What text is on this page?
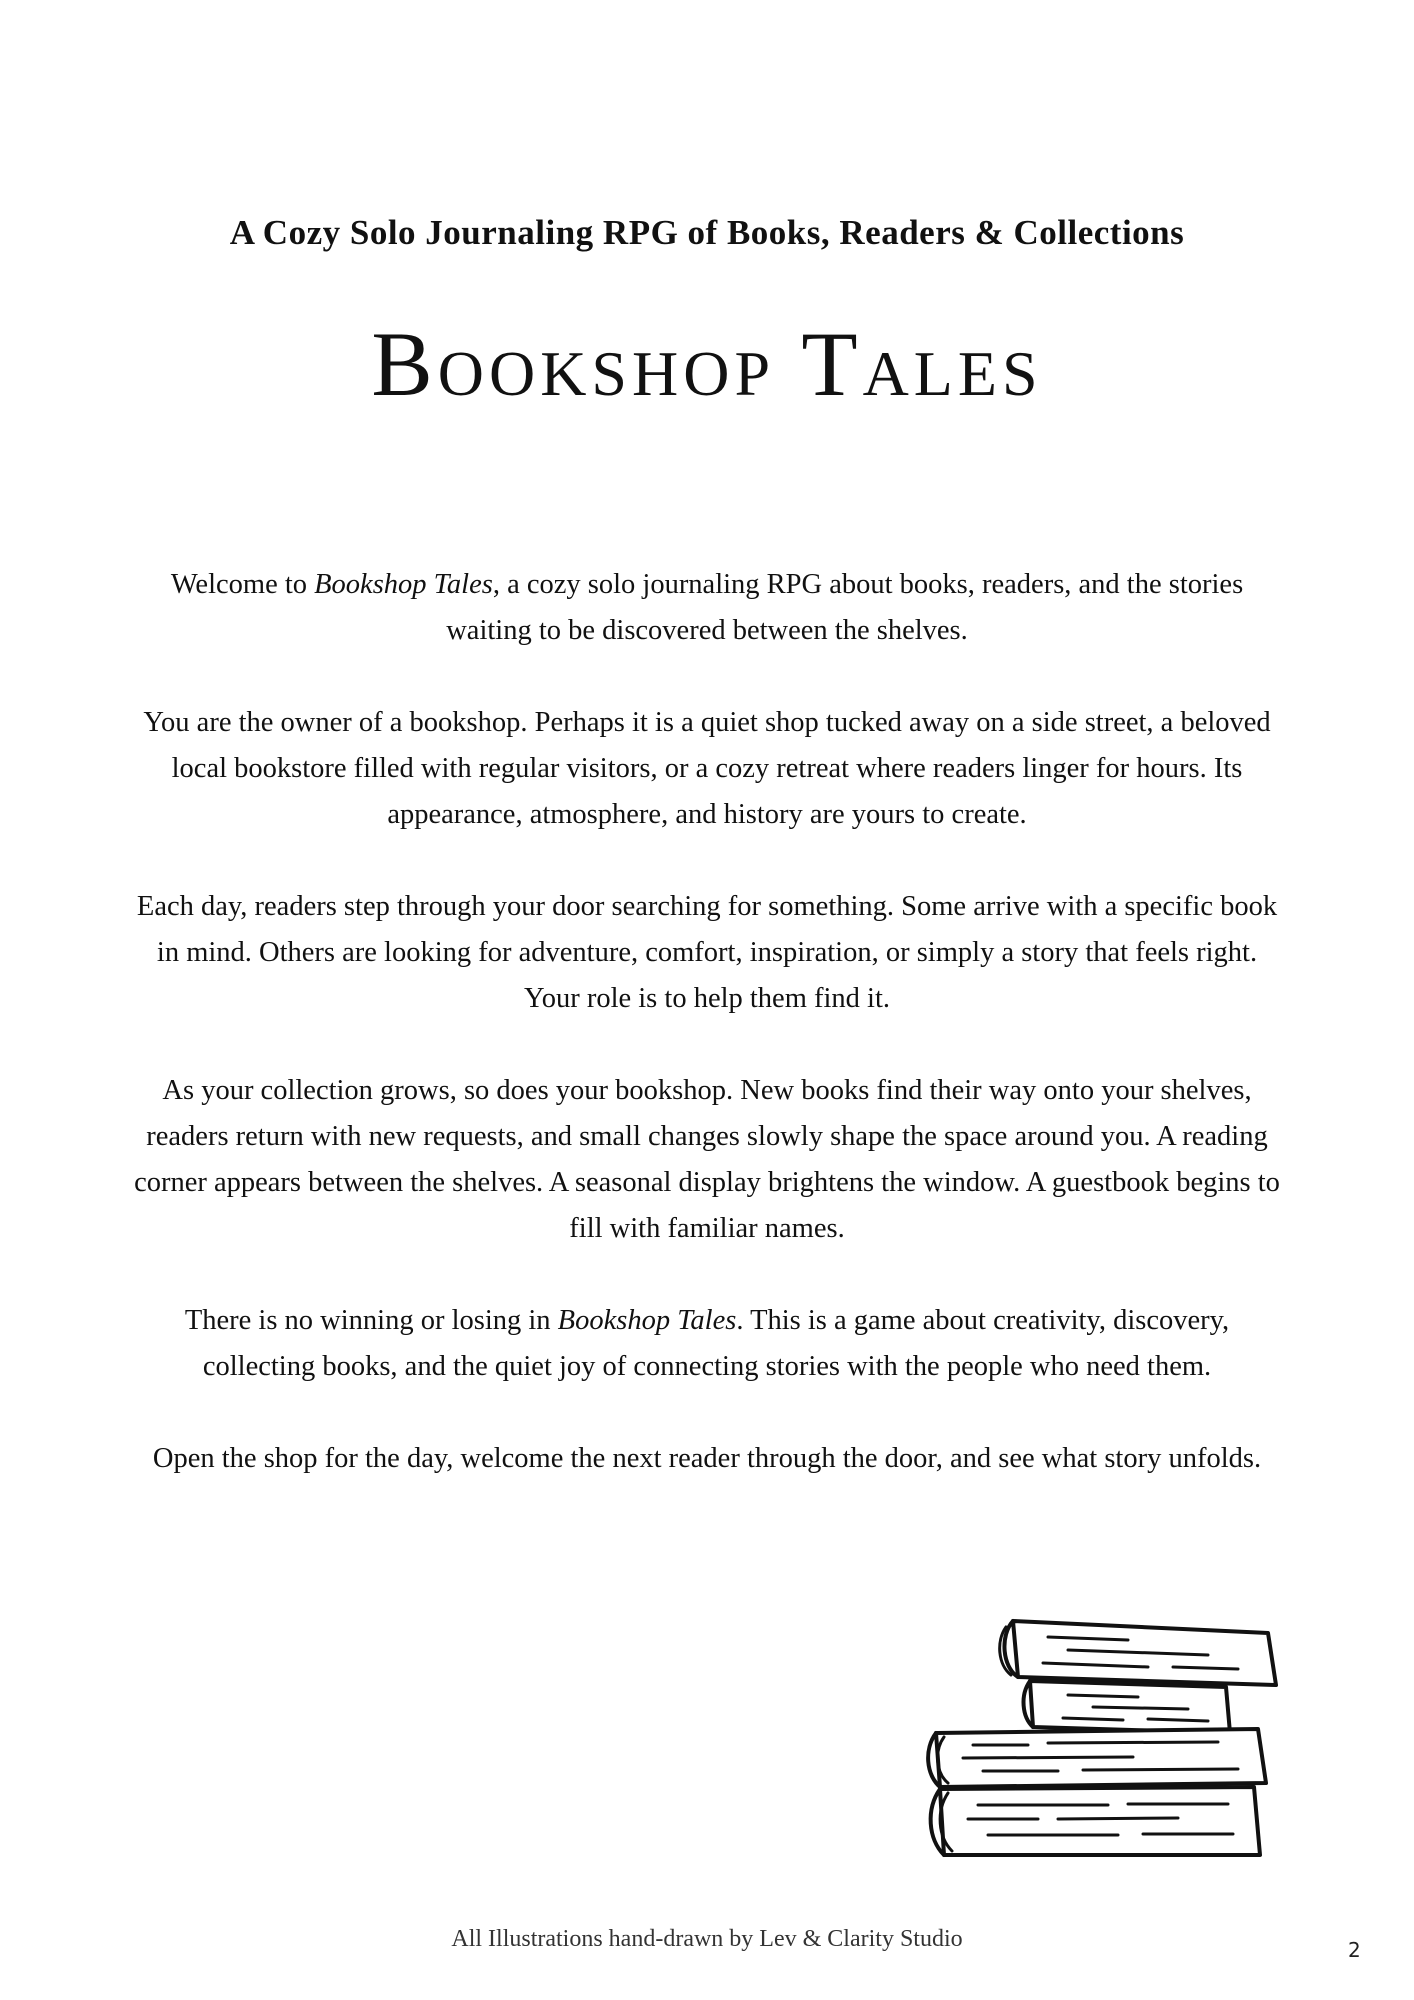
A Cozy Solo Journaling RPG of Books, Readers & Collections
Bookshop Tales

Welcome to Bookshop Tales, a cozy solo journaling RPG about books, readers, and the stories waiting to be discovered between the shelves.

You are the owner of a bookshop. Perhaps it is a quiet shop tucked away on a side street, a beloved local bookstore filled with regular visitors, or a cozy retreat where readers linger for hours. Its appearance, atmosphere, and history are yours to create.

Each day, readers step through your door searching for something. Some arrive with a specific book in mind. Others are looking for adventure, comfort, inspiration, or simply a story that feels right.
Your role is to help them find it.

As your collection grows, so does your bookshop. New books find their way onto your shelves, readers return with new requests, and small changes slowly shape the space around you. A reading corner appears between the shelves. A seasonal display brightens the window. A guestbook begins to fill with familiar names.

There is no winning or losing in Bookshop Tales. This is a game about creativity, discovery, collecting books, and the quiet joy of connecting stories with the people who need them.

Open the shop for the day, welcome the next reader through the door, and see what story unfolds.

All Illustrations hand-drawn by Lev & Clarity Studio	2
